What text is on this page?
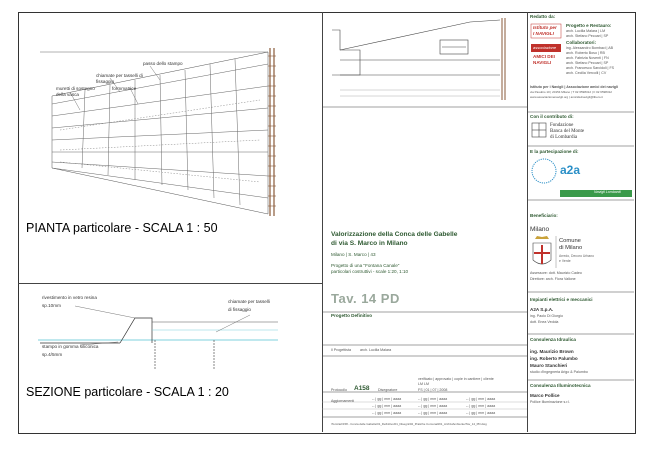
passo dello stampo
chiamate per tasselli di fissaggio
formmatrice
muretti di sostegno della vasca
PIANTA particolare - SCALA 1 : 50
rivestimento in vetro resina
sp.10mm
stampo in gomma siliconica
sp.4/5mm
chiamate per tasselli
di fissaggio
SEZIONE particolare - SCALA 1 : 20
Valorizzazione della Conca delle Gabelle
di via S. Marco in Milano
Milano | S. Marco | 43
Progetto di una "Fontana Canale"
particolari costruttivi - scale 1:20, 1:10
Tav. 14 PD
Progetto Definitivo
Il Progettista	arch. Lucilla Malara
Protocollo A158 Disegnatore
verificato | approvato | copie in cantiere | cliente
LM LM
FS | 01 | 07 | 2008
Aggiornamenti	-- | gg | mm | aaaa
-- | gg | mm | aaaa
-- | gg | mm | aaaa
-- | gg | mm | aaaa
-- | gg | mm | aaaa
-- | gg | mm | aaaa
-- | gg | mm | aaaa
-- | gg | mm | aaaa
-- | gg | mm | aaaa
/Temi/art/158 - Conca delle Gabelle/01_Definitivo/01_Disegni/02_Pratiche Comunali/01_ArchiviAmbiente/Tav_14_PD.dwg
Redatto da:
Istituto per
I NAVIGLI
associazione
AMICI DEI
NAVIGLI
Progetto e Restauro:
arch. Lucilla Malara | LM
arch. Stefano Pecoari | SP
Collaboratori:
ing. Alessandro Bombaci | AB
arch. Roberto Boso | RB
arch. Fabrizia Noventi | FN
arch. Stefano Pecoari | SP
arch. Francesco Sarcidoli | FS
arch. Cecilia Vercolli | CV
Istituto per i Navigli | Associazione amici dei navigli
via Pasubio 10 | 20154 Milano | T 02 6598312 | F 02 6598312
www.associazionenavigli.org | amicidelnavigli@libero.it
Con il contributo di:
Fondazione
Banca del Monte
di Lombardia
E la partecipazione di:
a2a
Navigli Lombardi
Beneficiario:
Milano
Comune
di Milano
Arredo, Decoro Urbano
e Verde
Assessore: dott. Maurizio Cadeo
Direttore: arch. Flora Vallone
Impianti elettrici e meccanici
A2A S.p.A.
ing. Paolo Di Giorgio
dott. Enea Vedola
Consulenza Idraulica
ing. Maurizio Brown
ing. Roberto Palumbo
Mauro Stanchieri
studio d'ingegneria Arigo & Palumbo
Consulenza Illuminotecnica
Marco Pollice
Pollice Illuminazione s.r.l.
